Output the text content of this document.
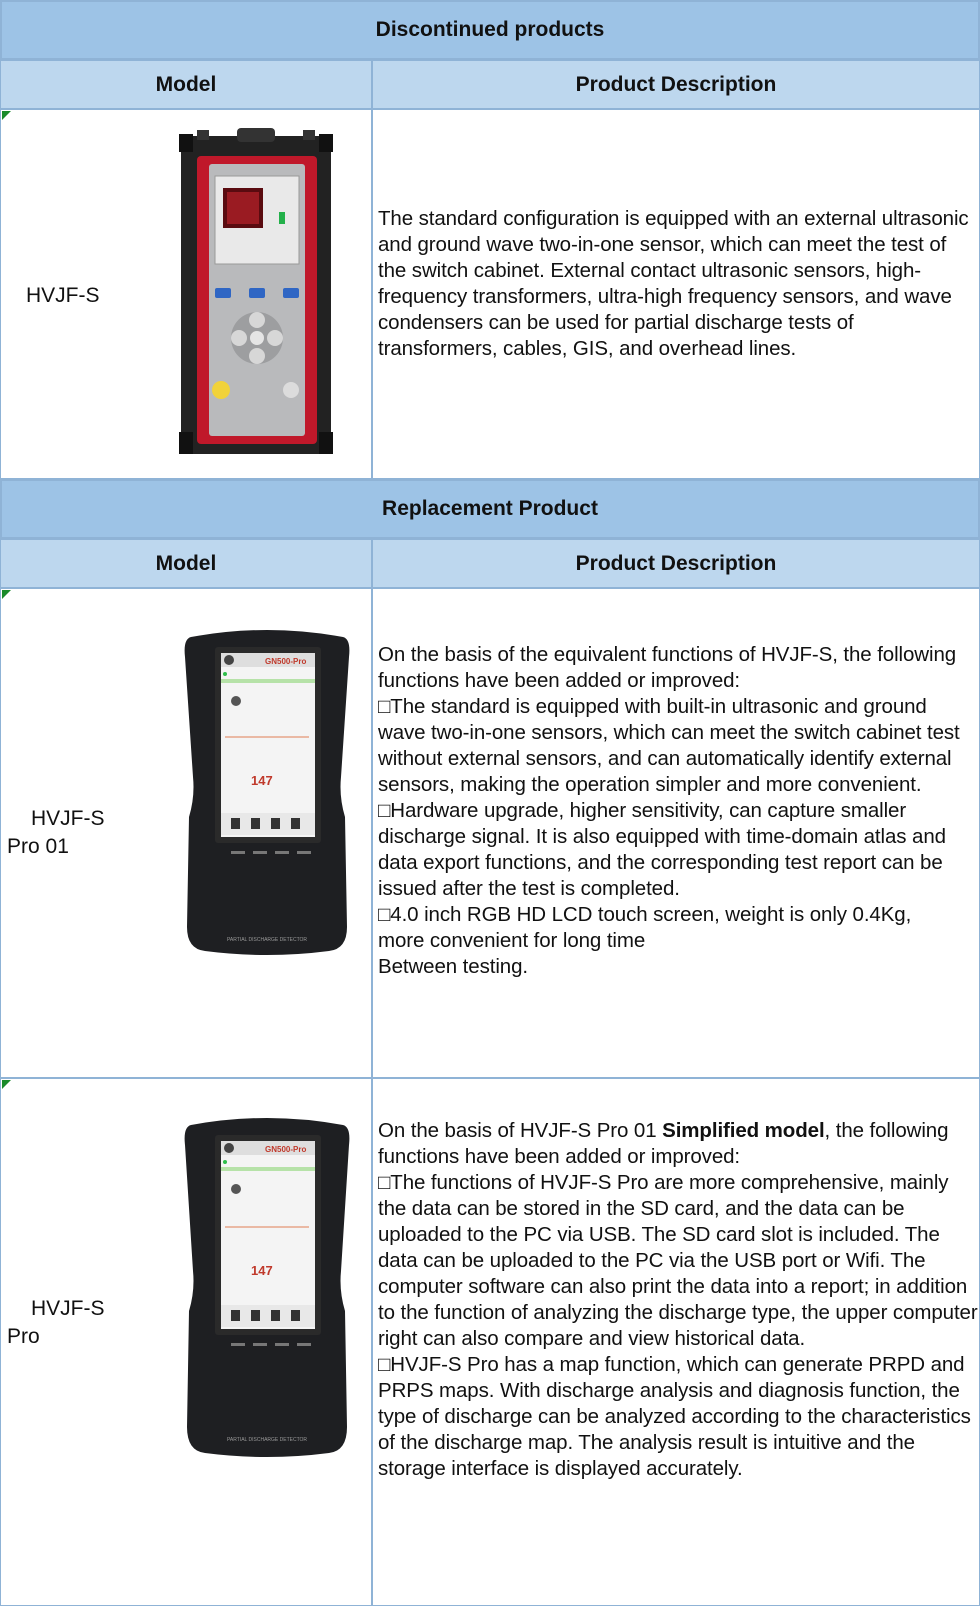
Discontinued products
Model	Product Description
HVJF-S
The standard configuration is equipped with an external ultrasonic and ground wave two-in-one sensor, which can meet the test of the switch cabinet. External contact ultrasonic sensors, high-frequency transformers, ultra-high frequency sensors, and wave condensers can be used for partial discharge tests of transformers, cables, GIS, and overhead lines.
Replacement Product
Model	Product Description
HVJF-S
Pro 01
GN500-Pro
147
PARTIAL DISCHARGE DETECTOR
On the basis of the equivalent functions of HVJF-S, the following functions have been added or improved:
□The standard is equipped with built-in ultrasonic and ground wave two-in-one sensors, which can meet the switch cabinet test without external sensors, and can automatically identify external sensors, making the operation simpler and more convenient.
□Hardware upgrade, higher sensitivity, can capture smaller discharge signal. It is also equipped with time-domain atlas and data export functions, and the corresponding test report can be issued after the test is completed.
□4.0 inch RGB HD LCD touch screen, weight is only 0.4Kg, more convenient for long time
Between testing.
HVJF-S
Pro
GN500-Pro
147
PARTIAL DISCHARGE DETECTOR
On the basis of HVJF-S Pro 01 Simplified model, the following functions have been added or improved:
□The functions of HVJF-S Pro are more comprehensive, mainly the data can be stored in the SD card, and the data can be uploaded to the PC via USB. The SD card slot is included. The data can be uploaded to the PC via the USB port or Wifi. The computer software can also print the data into a report; in addition to the function of analyzing the discharge type, the upper computer right can also compare and view historical data.
□HVJF-S Pro has a map function, which can generate PRPD and PRPS maps. With discharge analysis and diagnosis function, the type of discharge can be analyzed according to the characteristics of the discharge map. The analysis result is intuitive and the storage interface is displayed accurately.
